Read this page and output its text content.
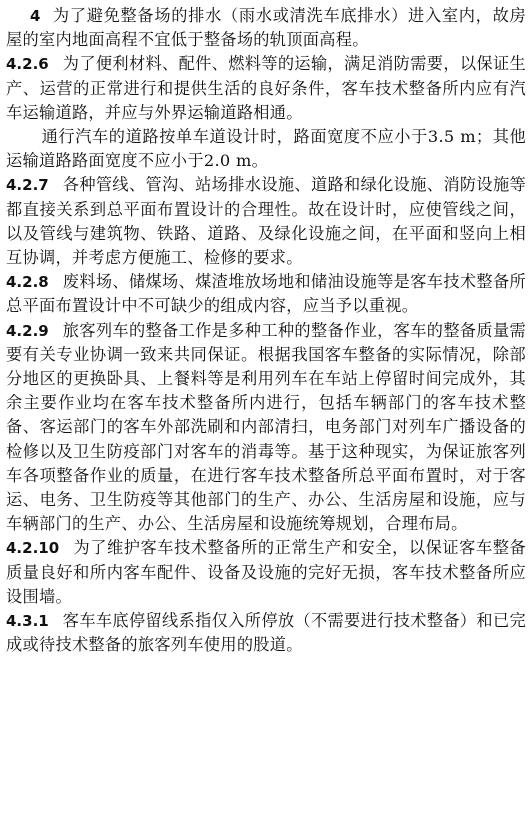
4 为了避免整备场的排水（雨水或清洗车底排水）进入室内，故房屋的室内地面高程不宜低于整备场的轨顶面高程。

4.2.6 为了便利材料、配件、燃料等的运输，满足消防需要，以保证生产、运营的正常进行和提供生活的良好条件，客车技术整备所内应有汽车运输道路，并应与外界运输道路相通。

通行汽车的道路按单车道设计时，路面宽度不应小于3.5 m；其他运输道路路面宽度不应小于2.0 m。

4.2.7 各种管线、管沟、站场排水设施、道路和绿化设施、消防设施等都直接关系到总平面布置设计的合理性。故在设计时，应使管线之间，以及管线与建筑物、铁路、道路、及绿化设施之间，在平面和竖向上相互协调，并考虑方便施工、检修的要求。

4.2.8 废料场、储煤场、煤渣堆放场地和储油设施等是客车技术整备所总平面布置设计中不可缺少的组成内容，应当予以重视。

4.2.9 旅客列车的整备工作是多种工种的整备作业，客车的整备质量需要有关专业协调一致来共同保证。根据我国客车整备的实际情况，除部分地区的更换卧具、上餐料等是利用列车在车站上停留时间完成外，其余主要作业均在客车技术整备所内进行，包括车辆部门的客车技术整备、客运部门的客车外部洗刷和内部清扫，电务部门对列车广播设备的检修以及卫生防疫部门对客车的消毒等。基于这种现实，为保证旅客列车各项整备作业的质量，在进行客车技术整备所总平面布置时，对于客运、电务、卫生防疫等其他部门的生产、办公、生活房屋和设施，应与车辆部门的生产、办公、生活房屋和设施统筹规划，合理布局。

4.2.10 为了维护客车技术整备所的正常生产和安全，以保证客车整备质量良好和所内客车配件、设备及设施的完好无损，客车技术整备所应设围墙。

4.3.1 客车车底停留线系指仅入所停放（不需要进行技术整备）和已完成或待技术整备的旅客列车使用的股道。
